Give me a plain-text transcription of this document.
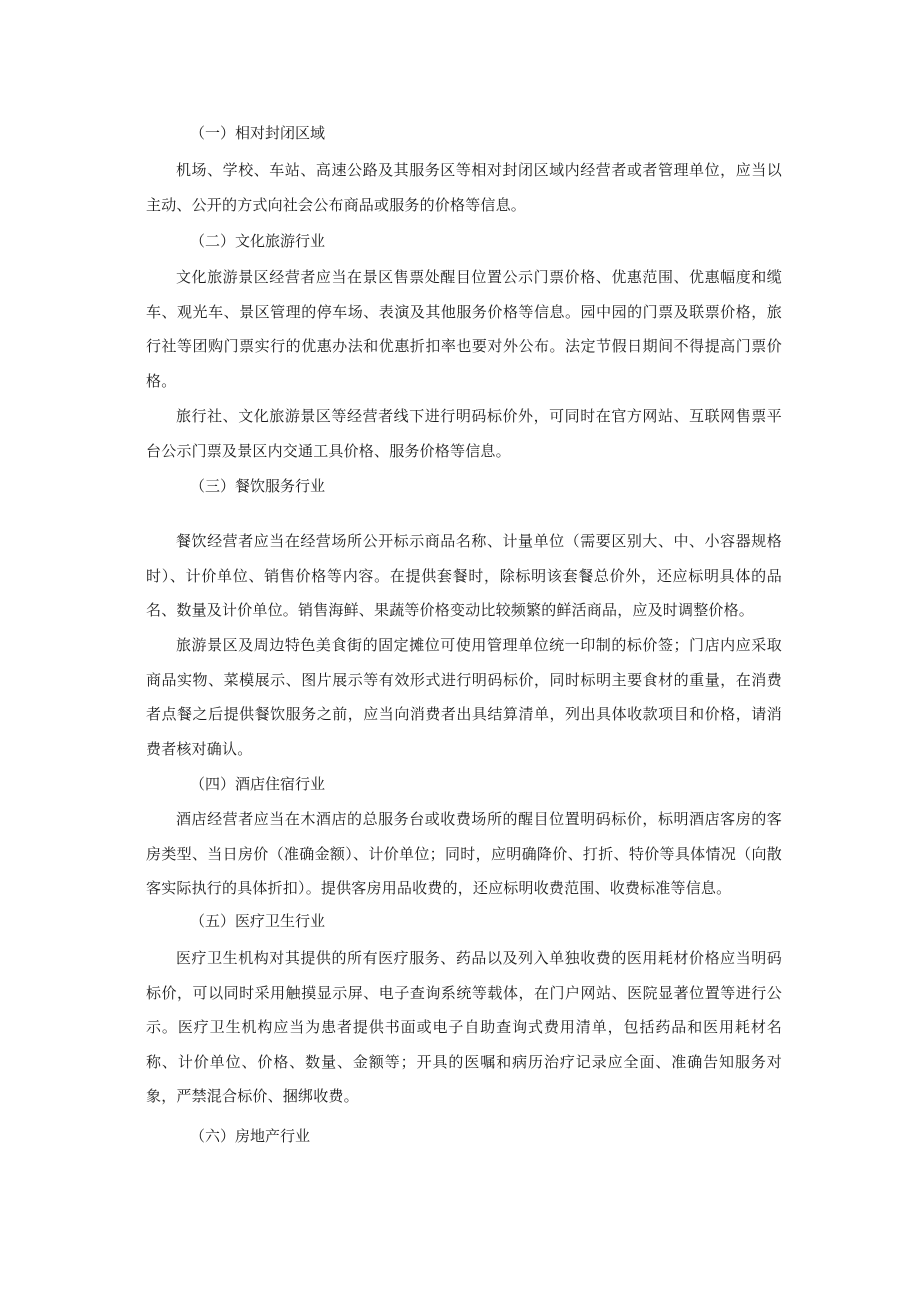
（一）相对封闭区域

机场、学校、车站、高速公路及其服务区等相对封闭区域内经营者或者管理单位，应当以主动、公开的方式向社会公布商品或服务的价格等信息。

（二）文化旅游行业

文化旅游景区经营者应当在景区售票处醒目位置公示门票价格、优惠范围、优惠幅度和缆车、观光车、景区管理的停车场、表演及其他服务价格等信息。园中园的门票及联票价格，旅行社等团购门票实行的优惠办法和优惠折扣率也要对外公布。法定节假日期间不得提高门票价格。

旅行社、文化旅游景区等经营者线下进行明码标价外，可同时在官方网站、互联网售票平台公示门票及景区内交通工具价格、服务价格等信息。

（三）餐饮服务行业

餐饮经营者应当在经营场所公开标示商品名称、计量单位（需要区别大、中、小容器规格时）、计价单位、销售价格等内容。在提供套餐时，除标明该套餐总价外，还应标明具体的品名、数量及计价单位。销售海鲜、果蔬等价格变动比较频繁的鲜活商品，应及时调整价格。

旅游景区及周边特色美食街的固定摊位可使用管理单位统一印制的标价签；门店内应采取商品实物、菜模展示、图片展示等有效形式进行明码标价，同时标明主要食材的重量，在消费者点餐之后提供餐饮服务之前，应当向消费者出具结算清单，列出具体收款项目和价格，请消费者核对确认。

（四）酒店住宿行业

酒店经营者应当在木酒店的总服务台或收费场所的醒目位置明码标价，标明酒店客房的客房类型、当日房价（准确金额）、计价单位；同时，应明确降价、打折、特价等具体情况（向散客实际执行的具体折扣）。提供客房用品收费的，还应标明收费范围、收费标准等信息。

（五）医疗卫生行业

医疗卫生机构对其提供的所有医疗服务、药品以及列入单独收费的医用耗材价格应当明码标价，可以同时采用触摸显示屏、电子查询系统等载体，在门户网站、医院显著位置等进行公示。医疗卫生机构应当为患者提供书面或电子自助查询式费用清单，包括药品和医用耗材名称、计价单位、价格、数量、金额等；开具的医嘱和病历治疗记录应全面、准确告知服务对象，严禁混合标价、捆绑收费。

（六）房地产行业
